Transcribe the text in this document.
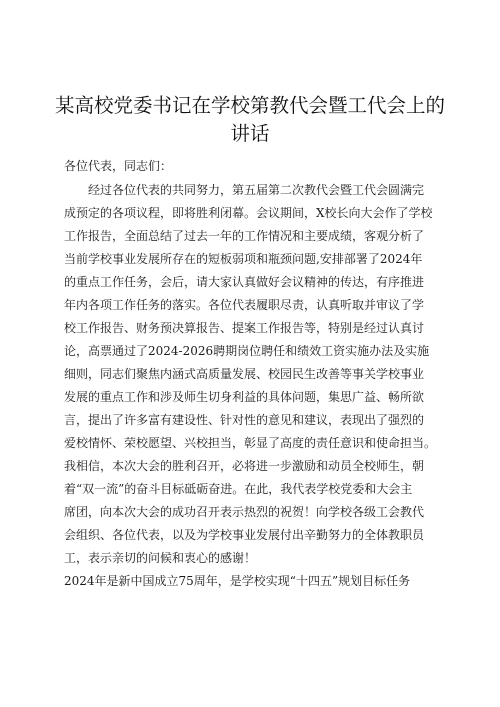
某高校党委书记在学校第教代会暨工代会上的
讲话
各位代表，同志们：
经过各位代表的共同努力，第五届第二次教代会暨工代会圆满完
成预定的各项议程，即将胜利闭幕。会议期间，X校长向大会作了学校
工作报告，全面总结了过去一年的工作情况和主要成绩，客观分析了
当前学校事业发展所存在的短板弱项和瓶颈问题,安排部署了2024年
的重点工作任务，会后，请大家认真做好会议精神的传达，有序推进
年内各项工作任务的落实。各位代表履职尽责，认真听取并审议了学
校工作报告、财务预决算报告、提案工作报告等，特别是经过认真讨
论，高票通过了2024-2026聘期岗位聘任和绩效工资实施办法及实施
细则，同志们聚焦内涵式高质量发展、校园民生改善等事关学校事业
发展的重点工作和涉及师生切身利益的具体问题，集思广益、畅所欲
言，提出了许多富有建设性、针对性的意见和建议，表现出了强烈的
爱校情怀、荣校愿望、兴校担当，彰显了高度的责任意识和使命担当。
我相信，本次大会的胜利召开，必将进一步激励和动员全校师生，朝
着“双一流”的奋斗目标砥砺奋进。在此，我代表学校党委和大会主
席团，向本次大会的成功召开表示热烈的祝贺！向学校各级工会教代
会组织、各位代表，以及为学校事业发展付出辛勤努力的全体教职员
工，表示亲切的问候和衷心的感谢！
2024年是新中国成立75周年，是学校实现“十四五”规划目标任务
